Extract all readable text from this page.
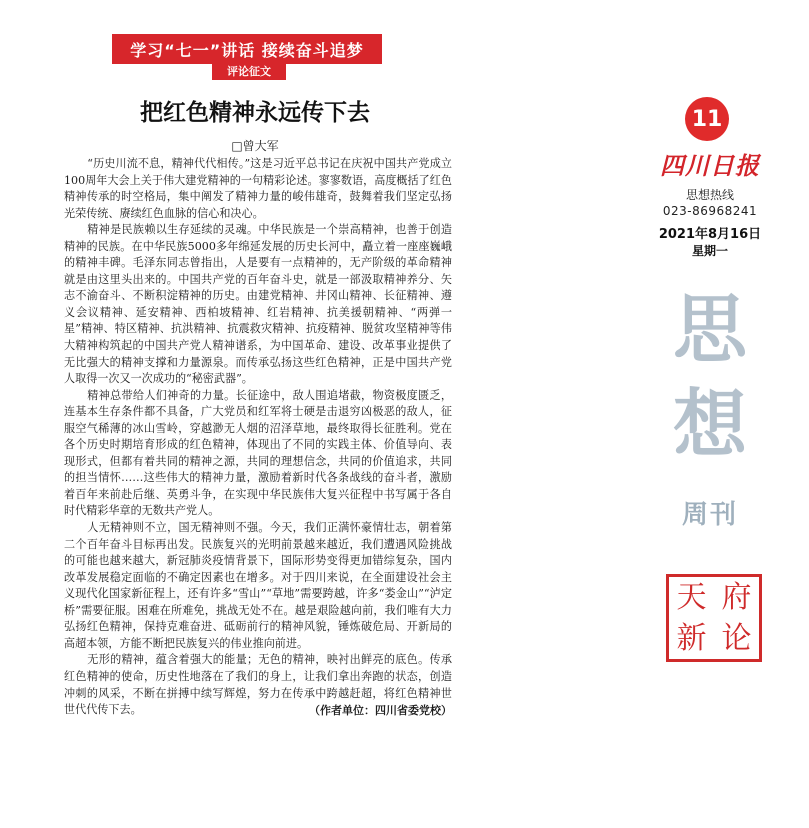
学习“七一”讲话 接续奋斗追梦
评论征文
把红色精神永远传下去
□曾大军

“历史川流不息，精神代代相传。”这是习近平总书记在庆祝中国共产党成立100周年大会上关于伟大建党精神的一句精彩论述。寥寥数语，高度概括了红色精神传承的时空格局，集中阐发了精神力量的峻伟雄奇，鼓舞着我们坚定弘扬光荣传统、赓续红色血脉的信心和决心。

精神是民族赖以生存延续的灵魂。中华民族是一个崇高精神，也善于创造精神的民族。在中华民族5000多年绵延发展的历史长河中，矗立着一座座巍峨的精神丰碑。毛泽东同志曾指出，人是要有一点精神的，无产阶级的革命精神就是由这里头出来的。中国共产党的百年奋斗史，就是一部汲取精神养分、矢志不渝奋斗、不断积淀精神的历史。由建党精神、井冈山精神、长征精神、遵义会议精神、延安精神、西柏坡精神、红岩精神、抗美援朝精神、“两弹一星”精神、特区精神、抗洪精神、抗震救灾精神、抗疫精神、脱贫攻坚精神等伟大精神构筑起的中国共产党人精神谱系，为中国革命、建设、改革事业提供了无比强大的精神支撑和力量源泉。而传承弘扬这些红色精神，正是中国共产党人取得一次又一次成功的“秘密武器”。

精神总带给人们神奇的力量。长征途中，敌人围追堵截，物资极度匮乏，连基本生存条件都不具备，广大党员和红军将士硬是击退穷凶极恶的敌人，征服空气稀薄的冰山雪岭，穿越渺无人烟的沼泽草地，最终取得长征胜利。党在各个历史时期培育形成的红色精神，体现出了不同的实践主体、价值导向、表现形式，但都有着共同的精神之源，共同的理想信念，共同的价值追求，共同的担当情怀……这些伟大的精神力量，激励着新时代各条战线的奋斗者，激励着百年来前赴后继、英勇斗争，在实现中华民族伟大复兴征程中书写属于各自时代精彩华章的无数共产党人。

人无精神则不立，国无精神则不强。今天，我们正满怀豪情壮志，朝着第二个百年奋斗目标再出发。民族复兴的光明前景越来越近，我们遭遇风险挑战的可能也越来越大，新冠肺炎疫情背景下，国际形势变得更加错综复杂，国内改革发展稳定面临的不确定因素也在增多。对于四川来说，在全面建设社会主义现代化国家新征程上，还有许多“雪山”“草地”需要跨越，许多“娄金山”“泸定桥”需要征服。困难在所难免，挑战无处不在。越是艰险越向前，我们唯有大力弘扬红色精神，保持克难奋进、砥砺前行的精神风貌，锤炼破危局、开新局的高超本领，方能不断把民族复兴的伟业推向前进。

无形的精神，蕴含着强大的能量；无色的精神，映衬出鲜亮的底色。传承红色精神的使命，历史性地落在了我们的身上，让我们拿出奔跑的状态，创造冲刺的风采，不断在拼搏中续写辉煌，努力在传承中跨越赶超，将红色精神世世代代传下去。	（作者单位：四川省委党校）
11
四川日报
思想热线
023-86968241
2021年8月16日
星期一
思
想
周刊
天 府
新 论
